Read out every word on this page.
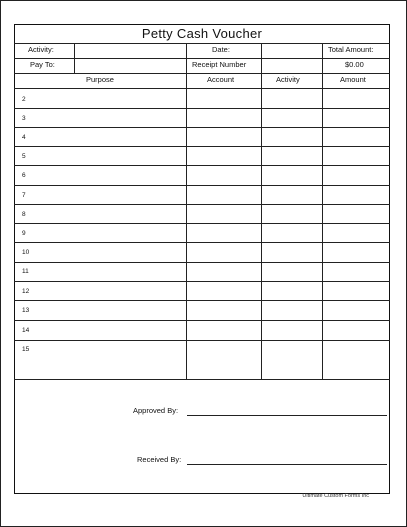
Petty Cash Voucher
Activity:	Date:	Total Amount:
Pay To:	Receipt Number	$0.00
Purpose	Account	Activity	Amount
2
3
4
5
6
7
8
9
10
11
12
13
14
15
Approved By:
Received By:
Ultimate Custom Forms Inc
